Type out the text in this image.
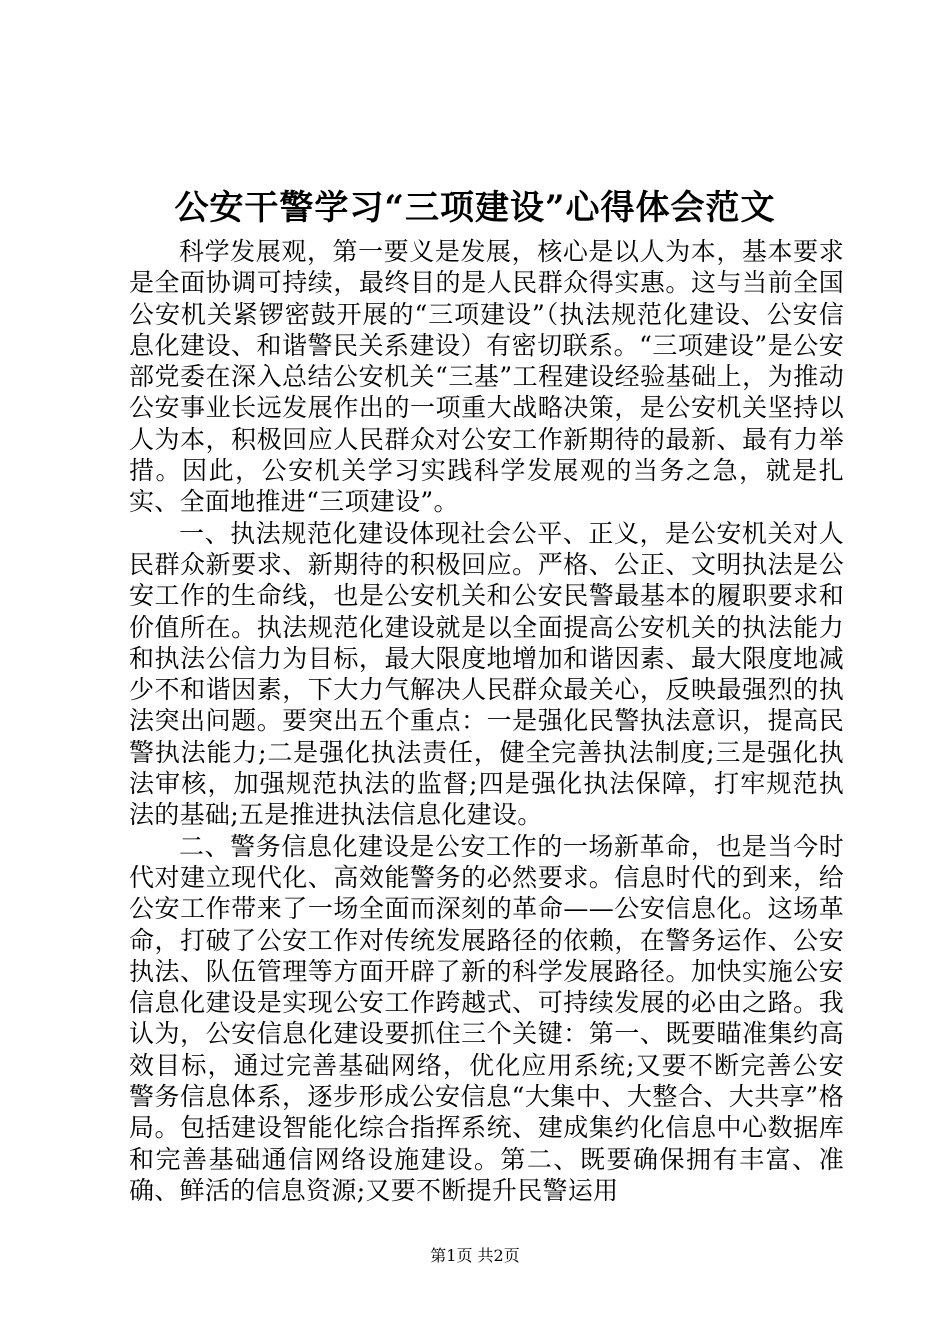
公安干警学习“三项建设”心得体会范文

科学发展观，第一要义是发展，核心是以人为本，基本要求是全面协调可持续，最终目的是人民群众得实惠。这与当前全国公安机关紧锣密鼓开展的“三项建设”（执法规范化建设、公安信息化建设、和谐警民关系建设）有密切联系。“三项建设”是公安部党委在深入总结公安机关“三基”工程建设经验基础上，为推动公安事业长远发展作出的一项重大战略决策，是公安机关坚持以人为本，积极回应人民群众对公安工作新期待的最新、最有力举措。因此，公安机关学习实践科学发展观的当务之急，就是扎实、全面地推进“三项建设”。

一、执法规范化建设体现社会公平、正义，是公安机关对人民群众新要求、新期待的积极回应。严格、公正、文明执法是公安工作的生命线，也是公安机关和公安民警最基本的履职要求和价值所在。执法规范化建设就是以全面提高公安机关的执法能力和执法公信力为目标，最大限度地增加和谐因素、最大限度地减少不和谐因素，下大力气解决人民群众最关心，反映最强烈的执法突出问题。要突出五个重点：一是强化民警执法意识，提高民警执法能力;二是强化执法责任，健全完善执法制度;三是强化执法审核，加强规范执法的监督;四是强化执法保障，打牢规范执法的基础;五是推进执法信息化建设。

二、警务信息化建设是公安工作的一场新革命，也是当今时代对建立现代化、高效能警务的必然要求。信息时代的到来，给公安工作带来了一场全面而深刻的革命——公安信息化。这场革命，打破了公安工作对传统发展路径的依赖，在警务运作、公安执法、队伍管理等方面开辟了新的科学发展路径。加快实施公安信息化建设是实现公安工作跨越式、可持续发展的必由之路。我认为，公安信息化建设要抓住三个关键：第一、既要瞄准集约高效目标，通过完善基础网络，优化应用系统;又要不断完善公安警务信息体系，逐步形成公安信息“大集中、大整合、大共享”格局。包括建设智能化综合指挥系统、建成集约化信息中心数据库和完善基础通信网络设施建设。第二、既要确保拥有丰富、准确、鲜活的信息资源;又要不断提升民警运用

第1页 共2页
